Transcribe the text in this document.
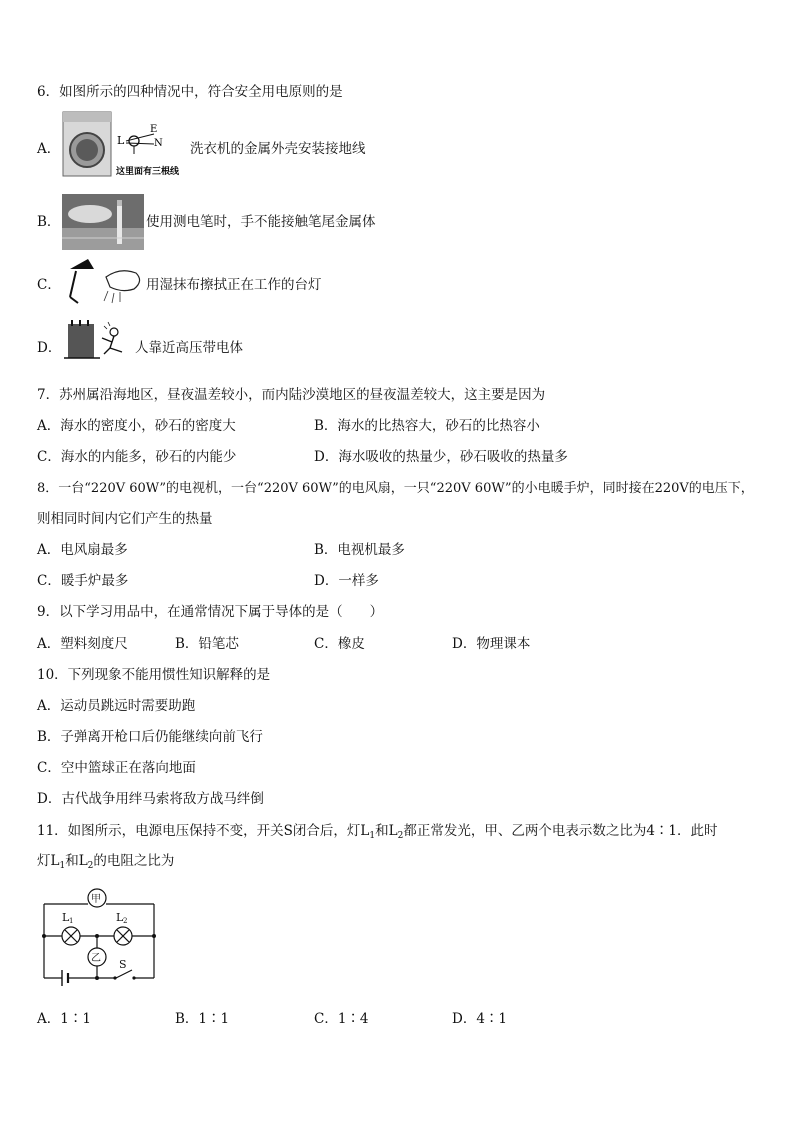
6．如图所示的四种情况中，符合安全用电原则的是
A．
L
E
N
这里面有三根线
洗衣机的金属外壳安装接地线
B．	使用测电笔时，手不能接触笔尾金属体
C．	用湿抹布擦拭正在工作的台灯
D．	人靠近高压带电体
7．苏州属沿海地区，昼夜温差较小，而内陆沙漠地区的昼夜温差较大，这主要是因为
A．海水的密度小，砂石的密度大	B．海水的比热容大，砂石的比热容小
C．海水的内能多，砂石的内能少	D．海水吸收的热量少，砂石吸收的热量多
8．一台“220V 60W”的电视机，一台“220V 60W”的电风扇，一只“220V 60W”的小电暖手炉，同时接在220V的电压下，
则相同时间内它们产生的热量
A．电风扇最多	B．电视机最多
C．暖手炉最多	D．一样多
9．以下学习用品中，在通常情况下属于导体的是（　　）
A．塑料刻度尺	B．铅笔芯	C．橡皮	D．物理课本
10．下列现象不能用惯性知识解释的是
A．运动员跳远时需要助跑
B．子弹离开枪口后仍能继续向前飞行
C．空中篮球正在落向地面
D．古代战争用绊马索将敌方战马绊倒
11．如图所示，电源电压保持不变，开关S闭合后，灯$L_1$和$L_2$都正常发光，甲、乙两个电表示数之比为4∶1．此时
灯$L_1$和$L_2$的电阻之比为
甲
乙
L 1	L 2
S
A．1∶1	B．1∶1	C．1∶4	D．4∶1
